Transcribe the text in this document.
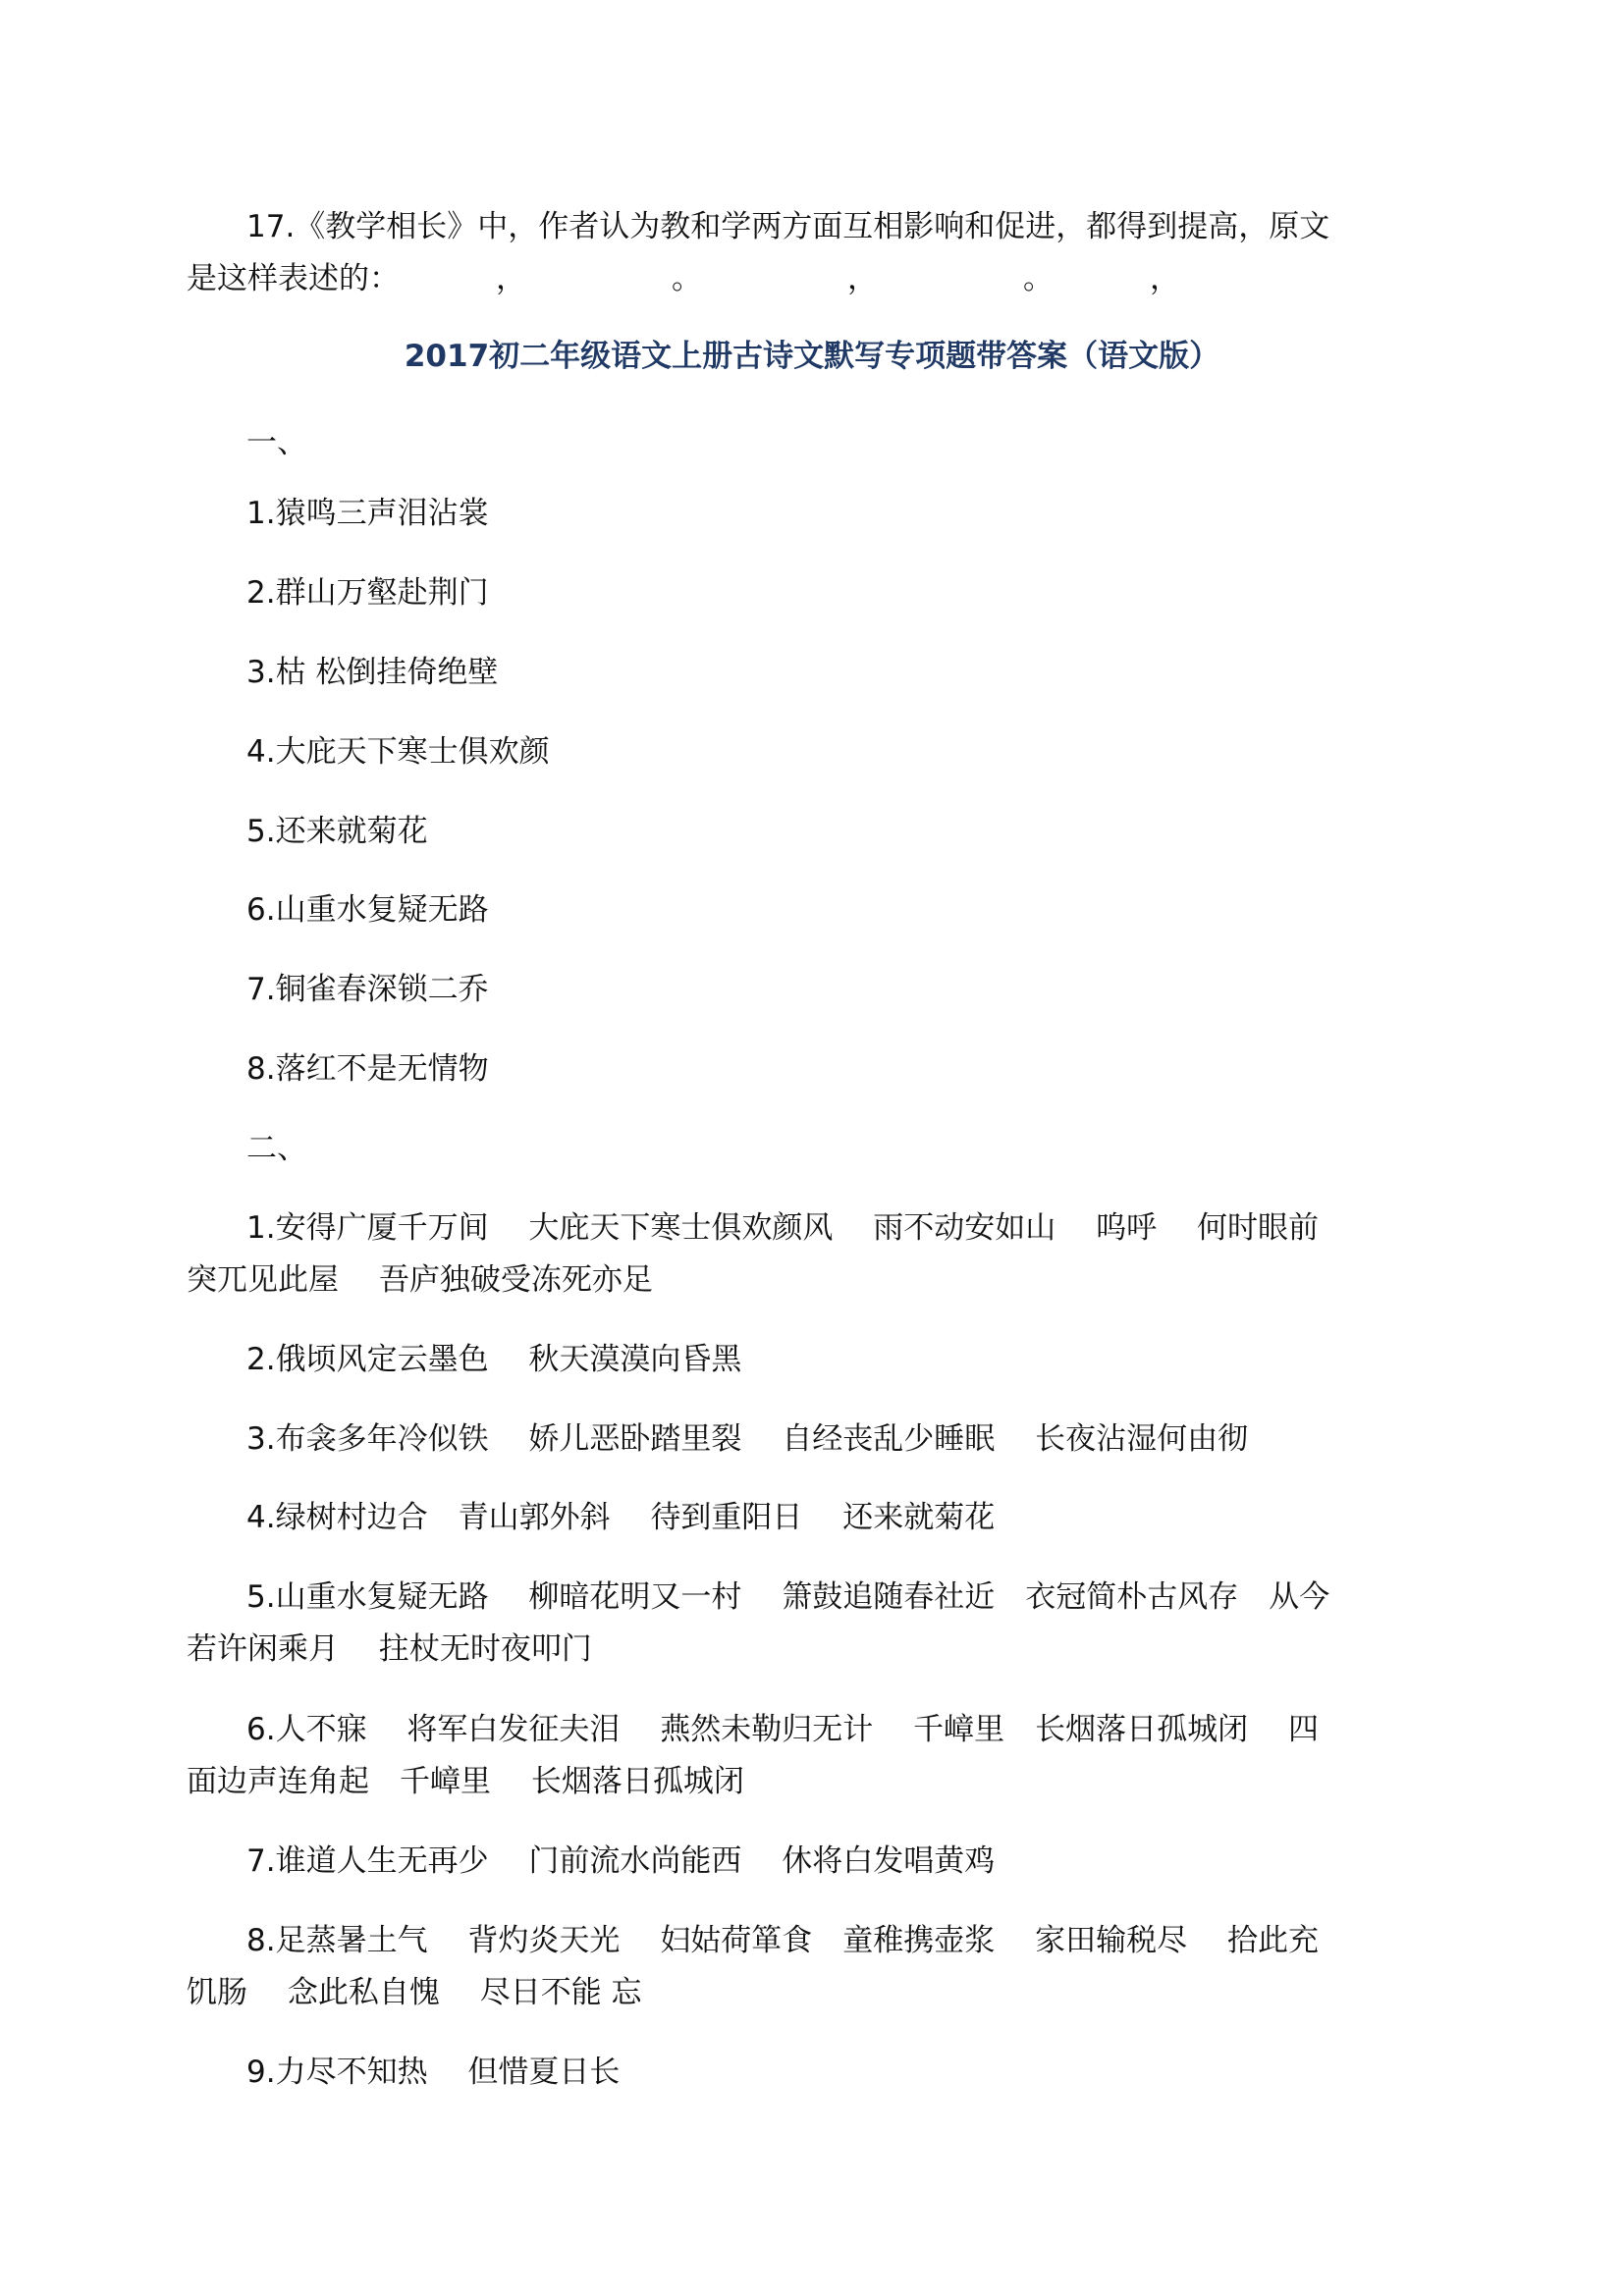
17.《教学相长》中，作者认为教和学两方面互相影响和促进，都得到提高，原文
是这样表述的：	，	。	，	。	，
2017初二年级语文上册古诗文默写专项题带答案（语文版）
一、
1.猿鸣三声泪沾裳
2.群山万壑赴荆门
3.枯 松倒挂倚绝壁
4.大庇天下寒士俱欢颜
5.还来就菊花
6.山重水复疑无路
7.铜雀春深锁二乔
8.落红不是无情物
二、
1.安得广厦千万间　 大庇天下寒士俱欢颜风　 雨不动安如山　 呜呼　 何时眼前
突兀见此屋　 吾庐独破受冻死亦足
2.俄顷风定云墨色　 秋天漠漠向昏黑
3.布衾多年冷似铁　 娇儿恶卧踏里裂　 自经丧乱少睡眠　 长夜沾湿何由彻
4.绿树村边合　青山郭外斜　 待到重阳日　 还来就菊花
5.山重水复疑无路　 柳暗花明又一村　 箫鼓追随春社近　衣冠简朴古风存　从今
若许闲乘月　 拄杖无时夜叩门
6.人不寐　 将军白发征夫泪　 燕然未勒归无计　 千嶂里　长烟落日孤城闭　 四
面边声连角起　千嶂里　 长烟落日孤城闭
7.谁道人生无再少　 门前流水尚能西　 休将白发唱黄鸡
8.足蒸暑土气　 背灼炎天光　 妇姑荷箪食　童稚携壶浆　 家田输税尽　 拾此充
饥肠　 念此私自愧　 尽日不能 忘
9.力尽不知热　 但惜夏日长
